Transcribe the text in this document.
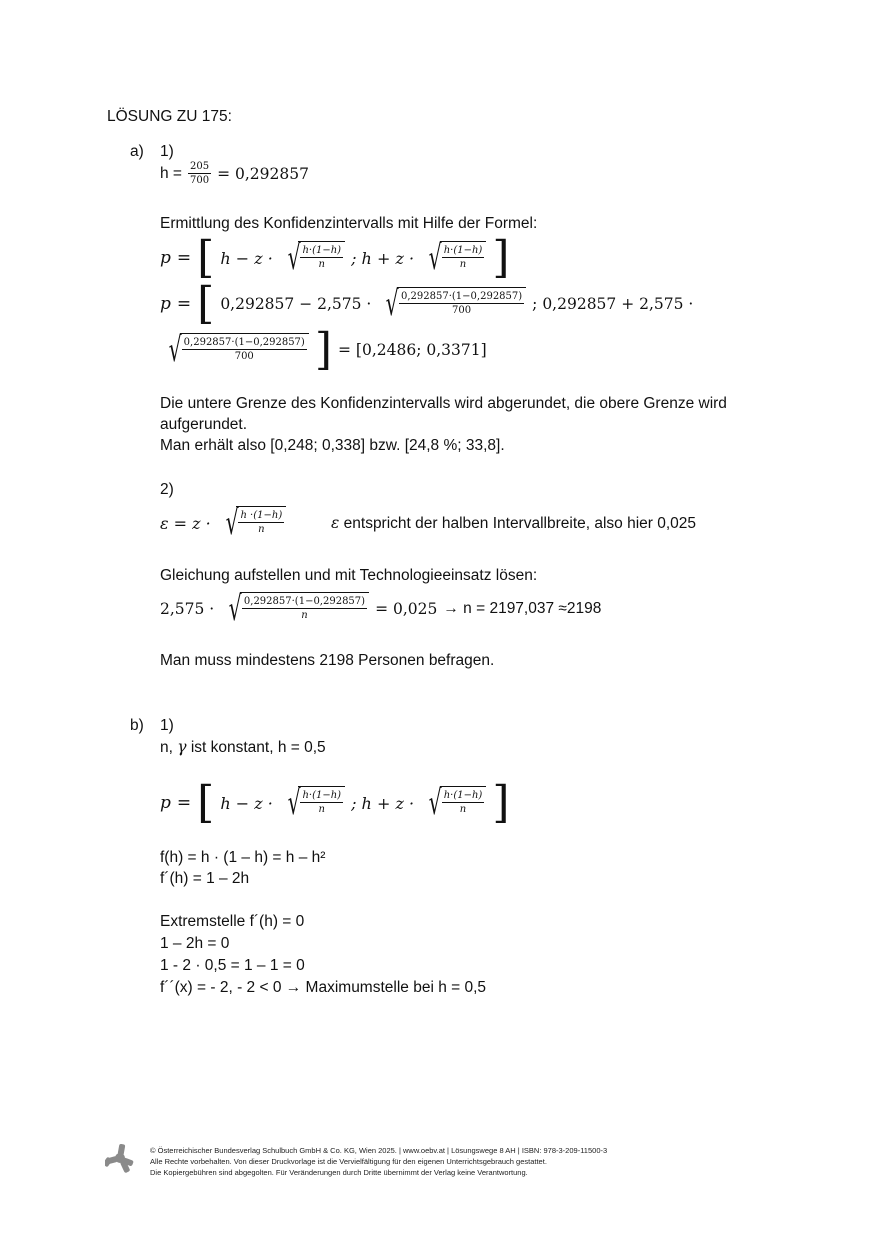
LÖSUNG ZU 175:
a) 1)
$h = \frac{205}{700} = 0,292857$
Ermittlung des Konfidenzintervalls mit Hilfe der Formel:
p = [ h − z · √ $\frac{h\cdot(1-h)}{n}$ ; h + z · √ $\frac{h\cdot(1-h)}{n}$ ]
p = [ 0,292857 − 2,575 · √ $\frac{0,292857\cdot(1-0,292857)}{700}$ ; 0,292857 + 2,575 ·
√ $\frac{0,292857\cdot(1-0,292857)}{700}$ ] = [0,2486; 0,3371]
Die untere Grenze des Konfidenzintervalls wird abgerundet, die obere Grenze wird
aufgerundet.
Man erhält also [0,248; 0,338] bzw. [24,8 %; 33,8].
2)
ε = z · √ $\frac{h \cdot(1-h)}{n}$	ε entspricht der halben Intervallbreite, also hier 0,025
Gleichung aufstellen und mit Technologieeinsatz lösen:
2,575 · √ $\frac{0,292857\cdot(1-0,292857)}{n} = 0,025 \to n = 2197,037 \approx 2198$
Man muss mindestens 2198 Personen befragen.
b) 1)
n, γ ist konstant, h = 0,5
p = [ h − z · √ $\frac{h\cdot(1-h)}{n}$ ; h + z · √ $\frac{h\cdot(1-h)}{n}$ ]
f(h) = h · (1 – h) = h – h²
f´(h) = 1 – 2h
Extremstelle f´(h) = 0
1 – 2h = 0
1 - 2 · 0,5 = 1 – 1 = 0
f´´(x) = - 2, - 2 < 0 → Maximumstelle bei h = 0,5
© Österreichischer Bundesverlag Schulbuch GmbH & Co. KG, Wien 2025. | www.oebv.at | Lösungswege 8 AH | ISBN: 978-3-209-11500-3
Alle Rechte vorbehalten. Von dieser Druckvorlage ist die Vervielfältigung für den eigenen Unterrichtsgebrauch gestattet.
Die Kopiergebühren sind abgegolten. Für Veränderungen durch Dritte übernimmt der Verlag keine Verantwortung.
